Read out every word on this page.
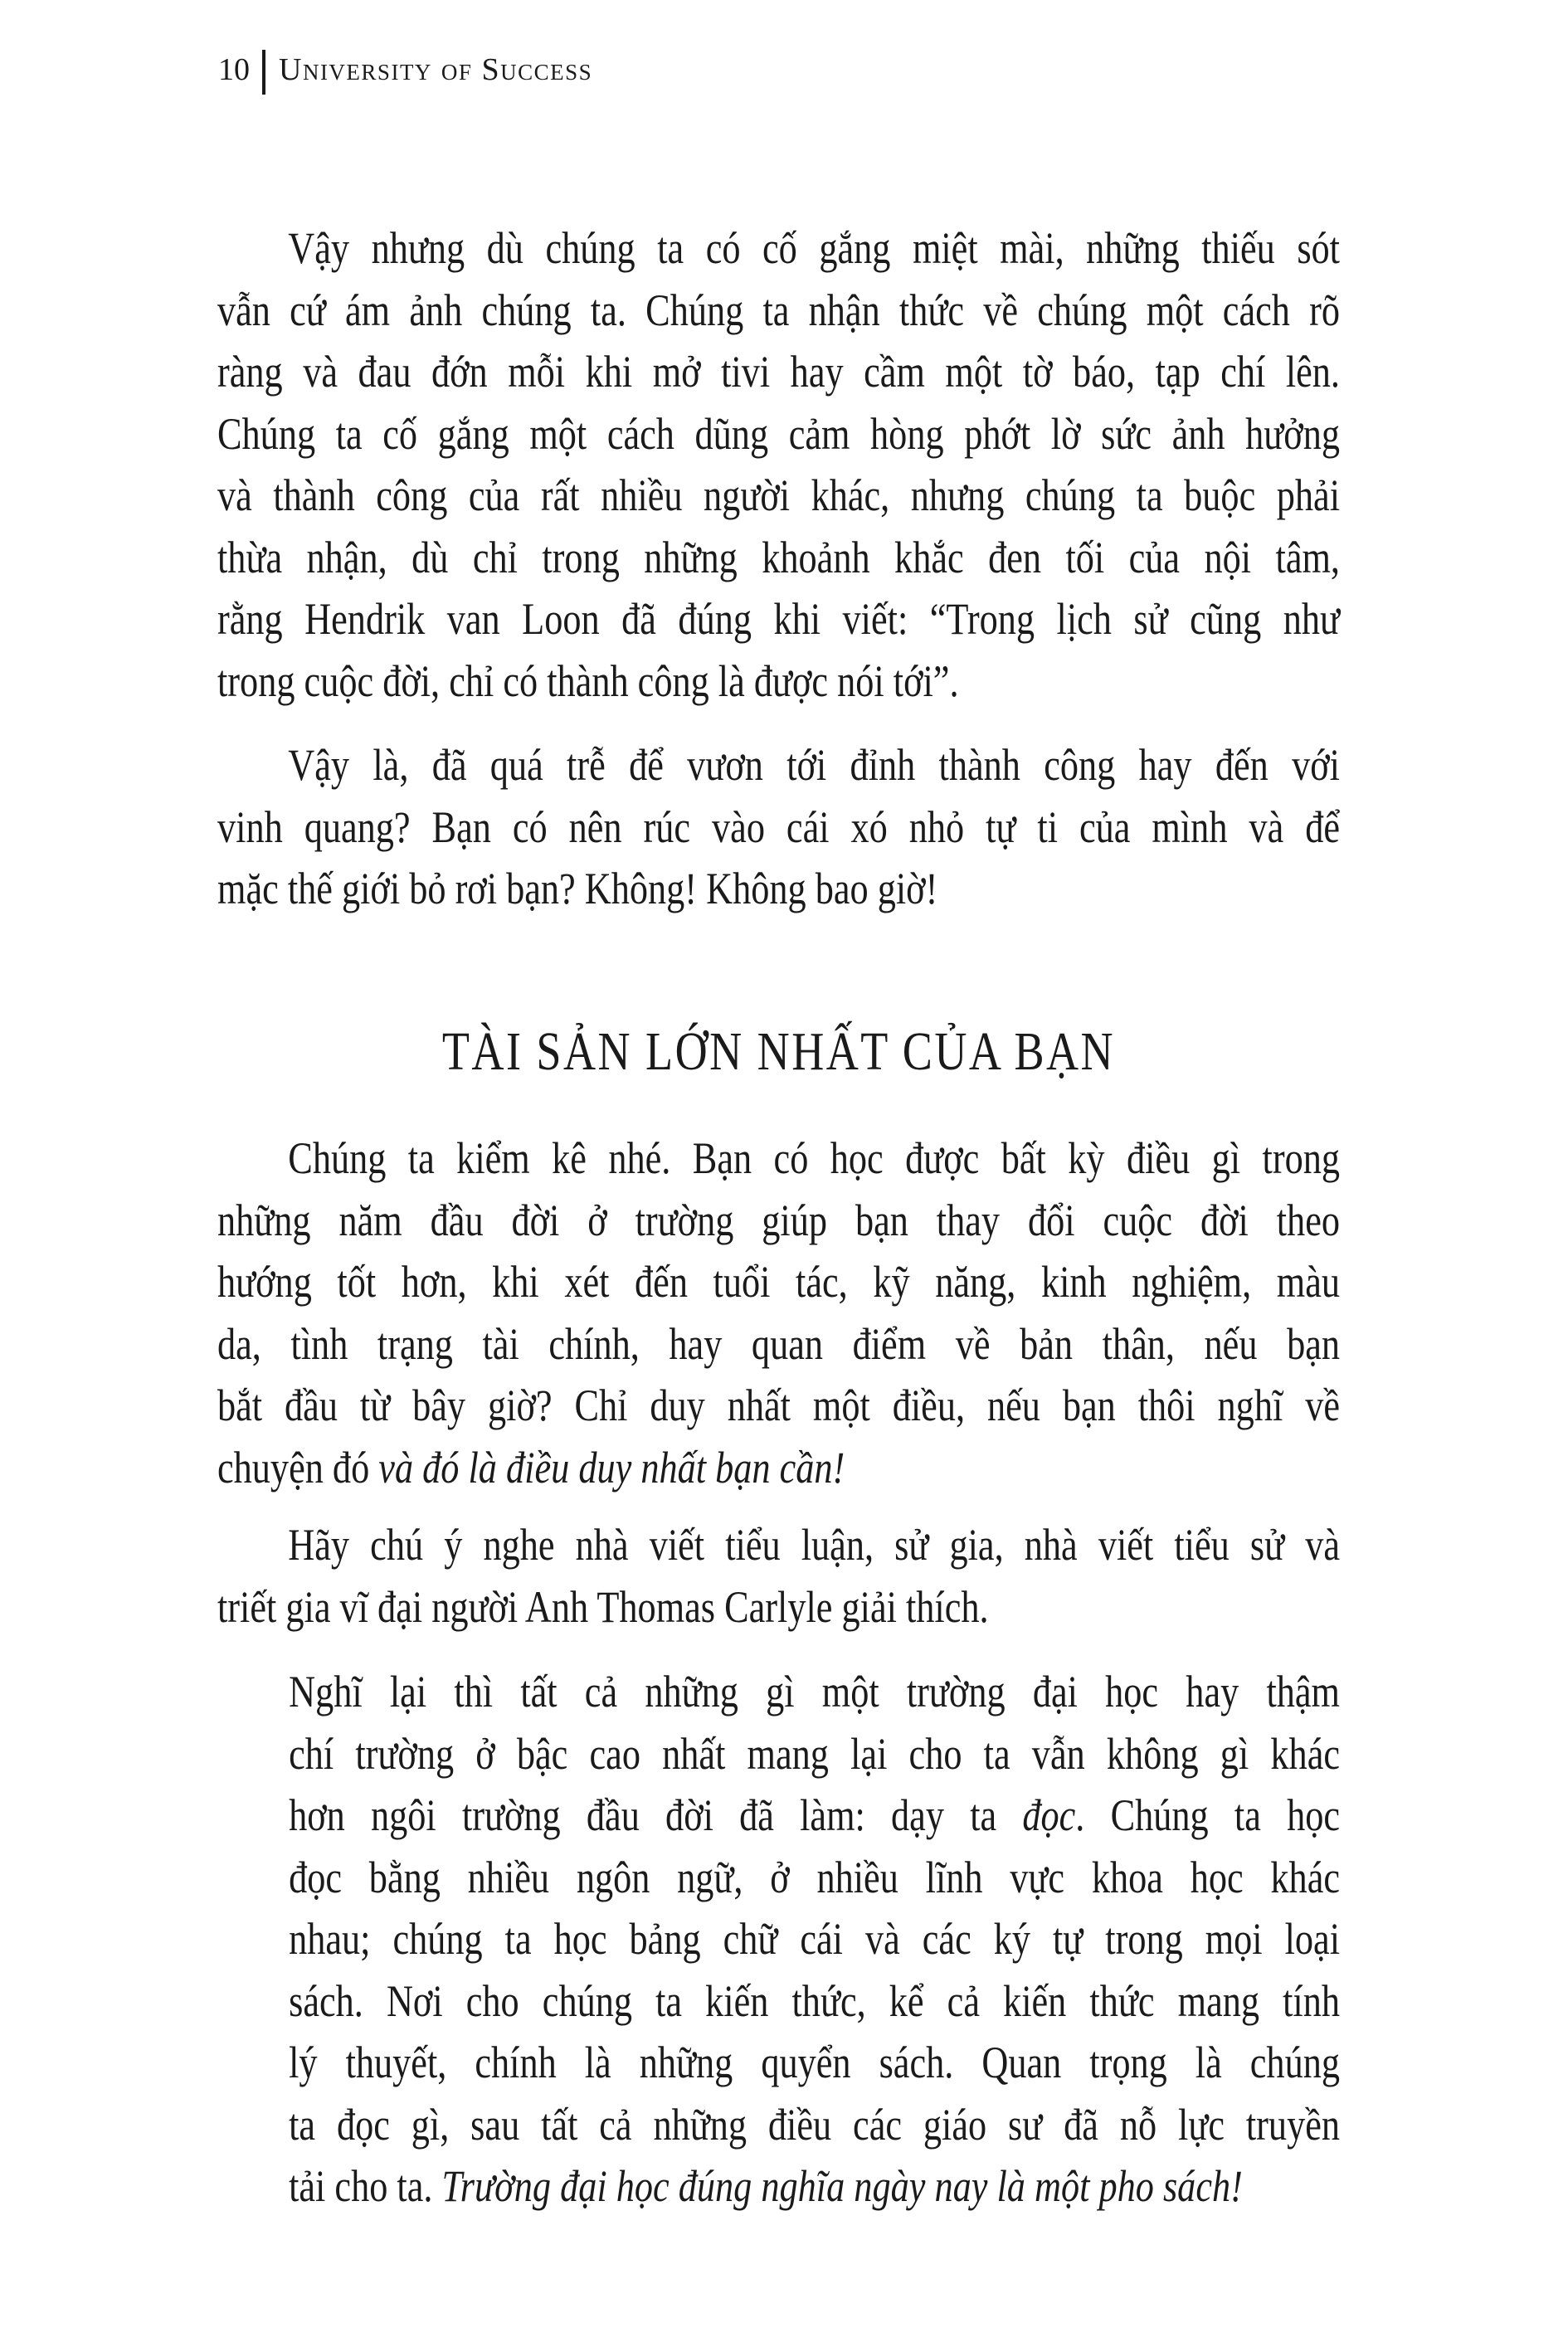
10 University of Success
Vậy nhưng dù chúng ta có cố gắng miệt mài, những thiếu sót
vẫn cứ ám ảnh chúng ta. Chúng ta nhận thức về chúng một cách rõ
ràng và đau đớn mỗi khi mở tivi hay cầm một tờ báo, tạp chí lên.
Chúng ta cố gắng một cách dũng cảm hòng phớt lờ sức ảnh hưởng
và thành công của rất nhiều người khác, nhưng chúng ta buộc phải
thừa nhận, dù chỉ trong những khoảnh khắc đen tối của nội tâm,
rằng Hendrik van Loon đã đúng khi viết: “Trong lịch sử cũng như
trong cuộc đời, chỉ có thành công là được nói tới”.
Vậy là, đã quá trễ để vươn tới đỉnh thành công hay đến với
vinh quang? Bạn có nên rúc vào cái xó nhỏ tự ti của mình và để
mặc thế giới bỏ rơi bạn? Không! Không bao giờ!
TÀI SẢN LỚN NHẤT CỦA BẠN
Chúng ta kiểm kê nhé. Bạn có học được bất kỳ điều gì trong
những năm đầu đời ở trường giúp bạn thay đổi cuộc đời theo
hướng tốt hơn, khi xét đến tuổi tác, kỹ năng, kinh nghiệm, màu
da, tình trạng tài chính, hay quan điểm về bản thân, nếu bạn
bắt đầu từ bây giờ? Chỉ duy nhất một điều, nếu bạn thôi nghĩ về
chuyện đó và đó là điều duy nhất bạn cần!
Hãy chú ý nghe nhà viết tiểu luận, sử gia, nhà viết tiểu sử và
triết gia vĩ đại người Anh Thomas Carlyle giải thích.
Nghĩ lại thì tất cả những gì một trường đại học hay thậm
chí trường ở bậc cao nhất mang lại cho ta vẫn không gì khác
hơn ngôi trường đầu đời đã làm: dạy ta đọc. Chúng ta học
đọc bằng nhiều ngôn ngữ, ở nhiều lĩnh vực khoa học khác
nhau; chúng ta học bảng chữ cái và các ký tự trong mọi loại
sách. Nơi cho chúng ta kiến thức, kể cả kiến thức mang tính
lý thuyết, chính là những quyển sách. Quan trọng là chúng
ta đọc gì, sau tất cả những điều các giáo sư đã nỗ lực truyền
tải cho ta. Trường đại học đúng nghĩa ngày nay là một pho sách!
